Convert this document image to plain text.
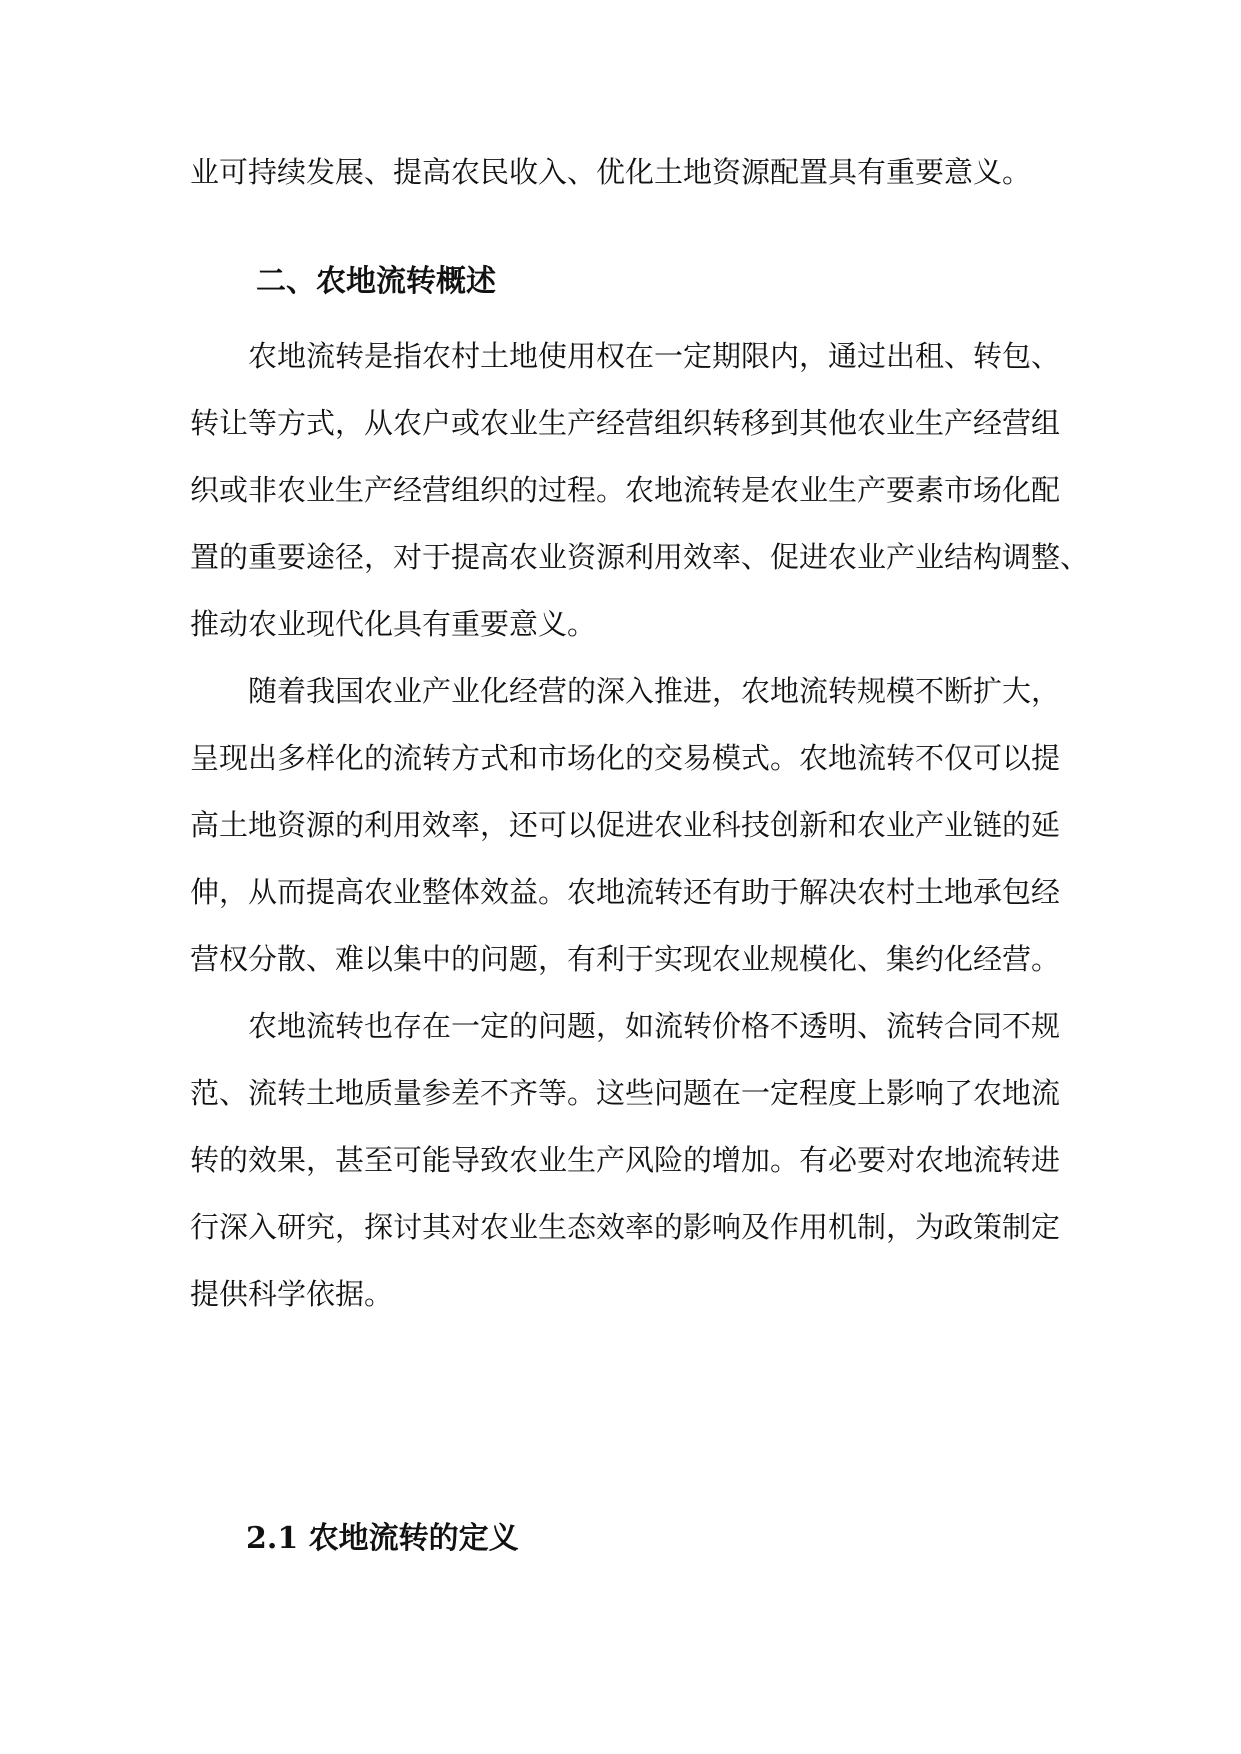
业可持续发展、提高农民收入、优化土地资源配置具有重要意义。
二、农地流转概述
农地流转是指农村土地使用权在一定期限内，通过出租、转包、
转让等方式，从农户或农业生产经营组织转移到其他农业生产经营组
织或非农业生产经营组织的过程。农地流转是农业生产要素市场化配
置的重要途径，对于提高农业资源利用效率、促进农业产业结构调整、
推动农业现代化具有重要意义。
随着我国农业产业化经营的深入推进，农地流转规模不断扩大，
呈现出多样化的流转方式和市场化的交易模式。农地流转不仅可以提
高土地资源的利用效率，还可以促进农业科技创新和农业产业链的延
伸，从而提高农业整体效益。农地流转还有助于解决农村土地承包经
营权分散、难以集中的问题，有利于实现农业规模化、集约化经营。
农地流转也存在一定的问题，如流转价格不透明、流转合同不规
范、流转土地质量参差不齐等。这些问题在一定程度上影响了农地流
转的效果，甚至可能导致农业生产风险的增加。有必要对农地流转进
行深入研究，探讨其对农业生态效率的影响及作用机制，为政策制定
提供科学依据。
2.1 农地流转的定义
